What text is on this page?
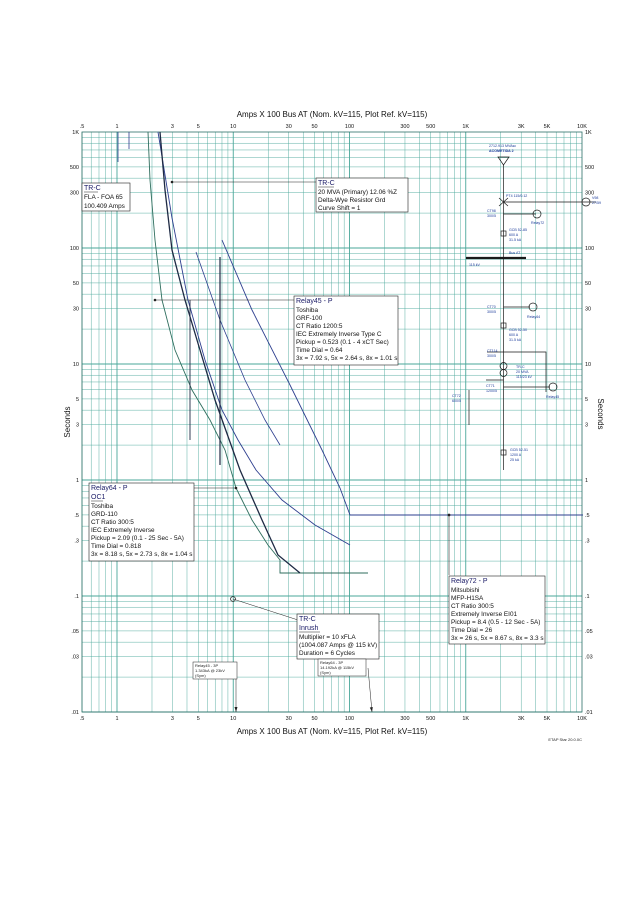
.5	1	3	5	10	30	50	100	300	500	1K	3K	5K	10K
.5	1	3	5	10	30	50	100	300	500	1K	3K	5K	10K
1K
500
300
100
50
30
10
5
3
1
.5
.3
.1
.05
.03
.01
1K
500
300
100
50
30
10
5
3
1
.5
.3
.1
.05
.03
.01
Amps X 100 Bus AT (Nom. kV=115, Plot Ref. kV=115)
Amps X 100 Bus AT (Nom. kV=115, Plot Ref. kV=115)
Seconds	Seconds
ETAP Star 20.0.0C
TR-C
FLA - FOA 65
100.409 Amps
TR-C
20 MVA (Primary) 12.06 %Z
Delta-Wye Resistor Grd
Curve Shift = 1
Relay45 - P
Toshiba
GRF-100
CT Ratio 1200:5
IEC Extremely Inverse Type C
Pickup = 0.523 (0.1 - 4 xCT Sec)
Time Dial = 0.64
3x = 7.92 s, 5x = 2.64 s, 8x = 1.01 s
Relay64 - P
OC1
Toshiba
GRD-110
CT Ratio 300:5
IEC Extremely Inverse
Pickup = 2.09 (0.1 - 25 Sec - 5A)
Time Dial = 0.818
3x = 8.18 s, 5x = 2.73 s, 8x = 1.04 s
Relay72 - P
Mitsubishi
MFP-H1SA
CT Ratio 300:5
Extremely Inverse EI01
Pickup = 8.4 (0.5 - 12 Sec - 5A)
Time Dial = 26
3x = 26 s, 5x = 8.67 s, 8x = 3.3 s
TR-C
Inrush
Multiplier = 10 xFLA
(1004.087 Amps @ 115 kV)
Duration = 6 Cycles
Relay45 - 3P
1.343kA @ 23kV
(Sym)
Relay64 - 3P
14.192kA @ 115kV
(Sym)
2712.913 MVAsc
ACOMETIDA 2
PT4 115/0.12
CT98
300/5
Relay72
V98
27/59
GCB 52-85
600 A
31.5 kA
Bus AT
115 kV
CT70
300/5
Relay64
GCB 52-50
600 A
31.5 kA
CT114
300/5
TR-C
20 MVA
115/23 kV
CT72
600/5
CT71
1200/5
Relay45
GCB 52-51
1200 A
25 kA
